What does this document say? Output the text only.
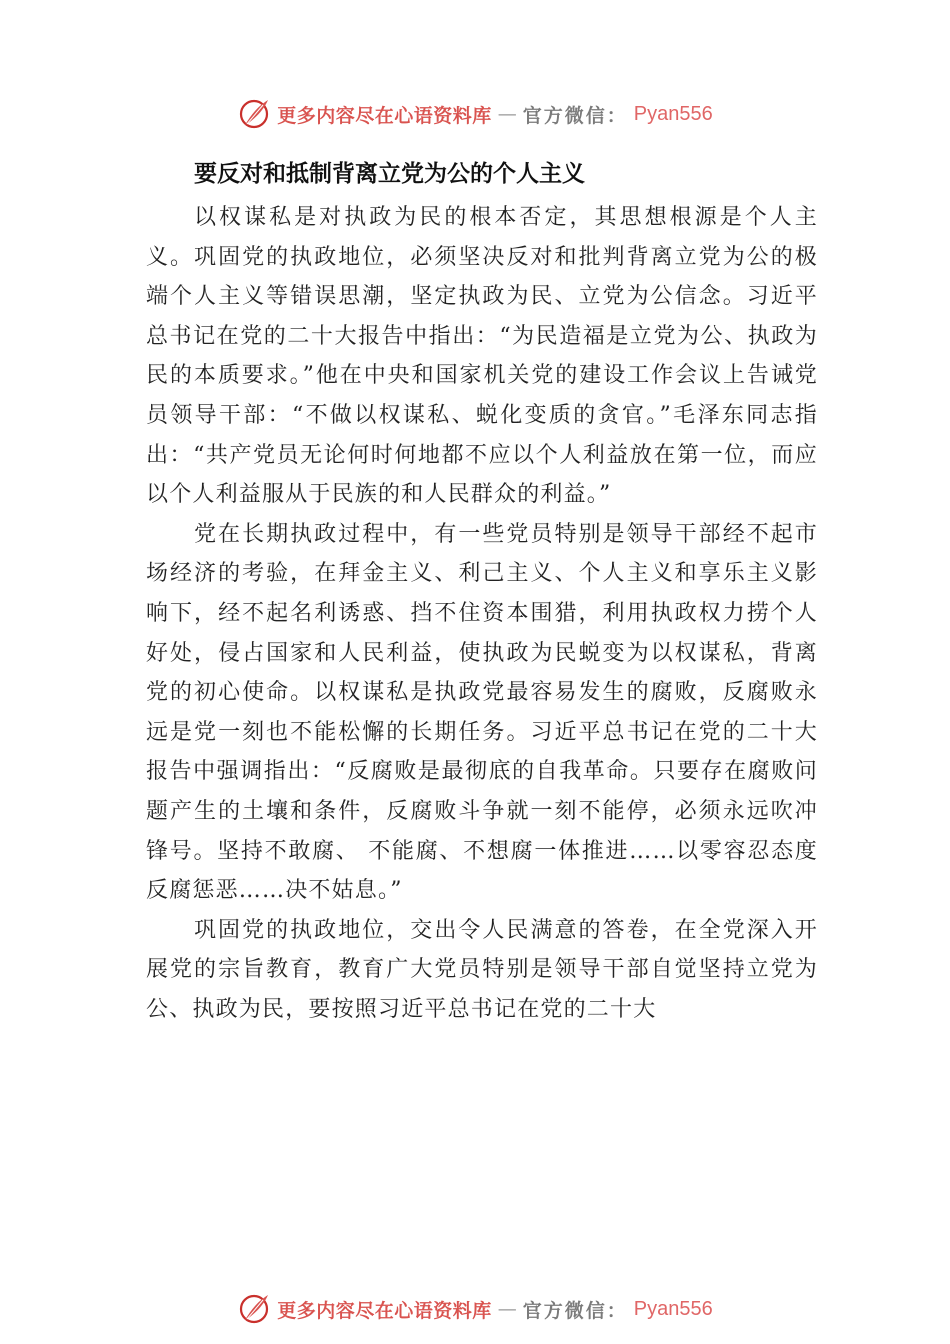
更多内容尽在心语资料库 — 官方微信： Pyan556
要反对和抵制背离立党为公的个人主义

以权谋私是对执政为民的根本否定，其思想根源是个人主义。巩固党的执政地位，必须坚决反对和批判背离立党为公的极端个人主义等错误思潮，坚定执政为民、立党为公信念。习近平总书记在党的二十大报告中指出：“为民造福是立党为公、执政为民的本质要求。”他在中央和国家机关党的建设工作会议上告诫党员领导干部：“不做以权谋私、蜕化变质的贪官。”毛泽东同志指出：“共产党员无论何时何地都不应以个人利益放在第一位，而应以个人利益服从于民族的和人民群众的利益。”

党在长期执政过程中，有一些党员特别是领导干部经不起市场经济的考验，在拜金主义、利己主义、个人主义和享乐主义影响下，经不起名利诱惑、挡不住资本围猎，利用执政权力捞个人好处，侵占国家和人民利益，使执政为民蜕变为以权谋私，背离党的初心使命。以权谋私是执政党最容易发生的腐败，反腐败永远是党一刻也不能松懈的长期任务。习近平总书记在党的二十大报告中强调指出：“反腐败是最彻底的自我革命。只要存在腐败问题产生的土壤和条件，反腐败斗争就一刻不能停，必须永远吹冲锋号。坚持不敢腐、 不能腐、不想腐一体推进……以零容忍态度反腐惩恶……决不姑息。”

巩固党的执政地位，交出令人民满意的答卷，在全党深入开展党的宗旨教育，教育广大党员特别是领导干部自觉坚持立党为公、执政为民，要按照习近平总书记在党的二十大

更多内容尽在心语资料库 — 官方微信： Pyan556
